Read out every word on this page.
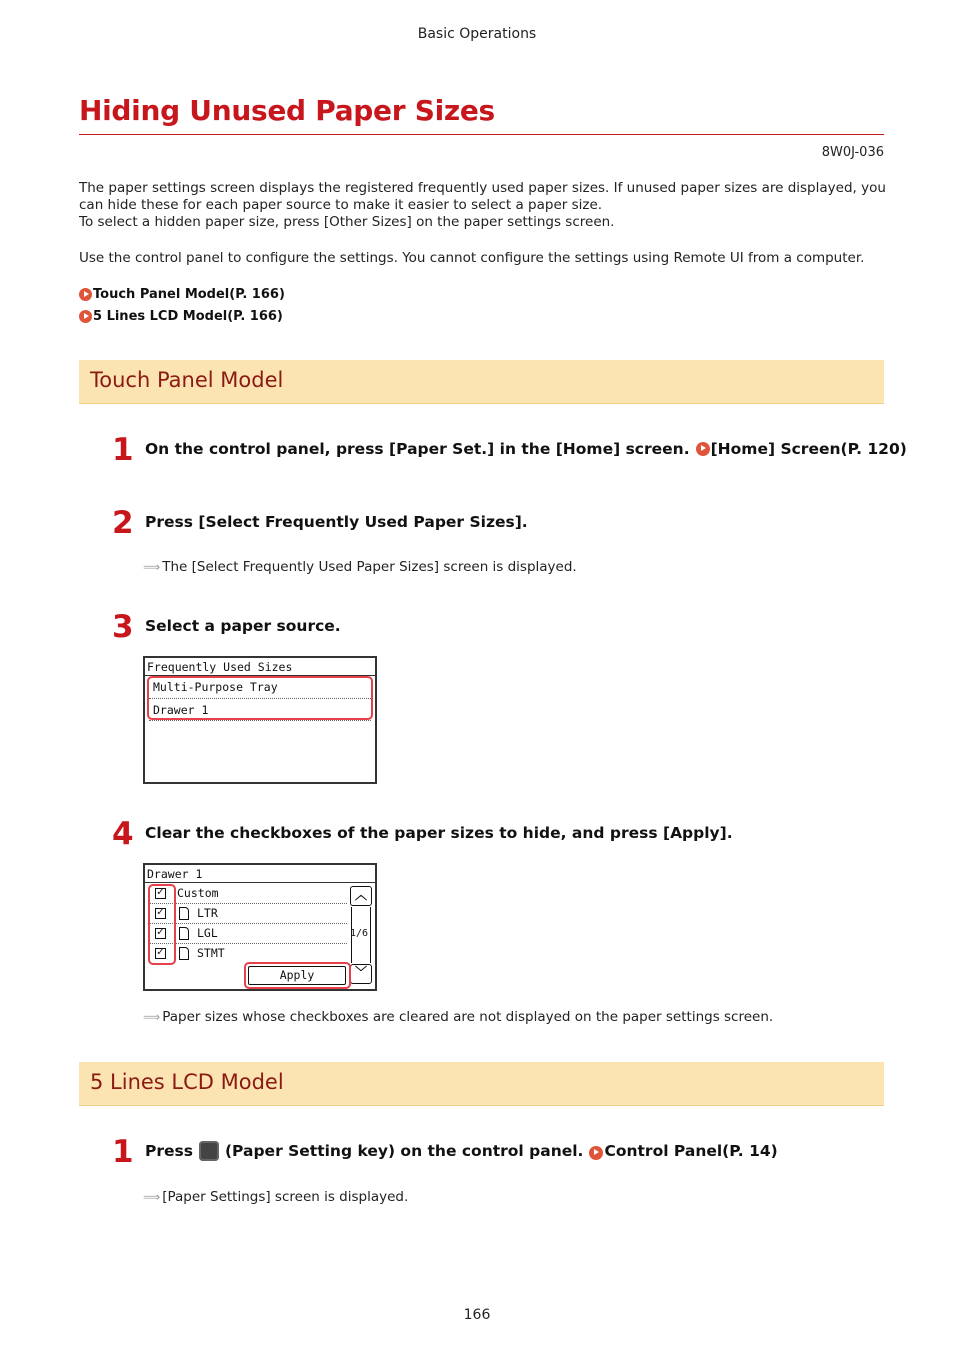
Basic Operations
Hiding Unused Paper Sizes
8W0J-036
The paper settings screen displays the registered frequently used paper sizes. If unused paper sizes are displayed, you
can hide these for each paper source to make it easier to select a paper size.
To select a hidden paper size, press [Other Sizes] on the paper settings screen.
Use the control panel to configure the settings. You cannot configure the settings using Remote UI from a computer.
Touch Panel Model(P. 166)
5 Lines LCD Model(P. 166)
Touch Panel Model
1 On the control panel, press [Paper Set.] in the [Home] screen. [Home] Screen(P. 120)
2 Press [Select Frequently Used Paper Sizes].
⟹ The [Select Frequently Used Paper Sizes] screen is displayed.
3 Select a paper source.
Frequently Used Sizes
Multi-Purpose Tray
Drawer 1
4 Clear the checkboxes of the paper sizes to hide, and press [Apply].
Drawer 1
✓ Custom
✓	LTR
✓	LGL
✓	STMT
︿
1/6
﹀
Apply
⟹ Paper sizes whose checkboxes are cleared are not displayed on the paper settings screen.
5 Lines LCD Model
1 Press (Paper Setting key) on the control panel. Control Panel(P. 14)
⟹ [Paper Settings] screen is displayed.
166
